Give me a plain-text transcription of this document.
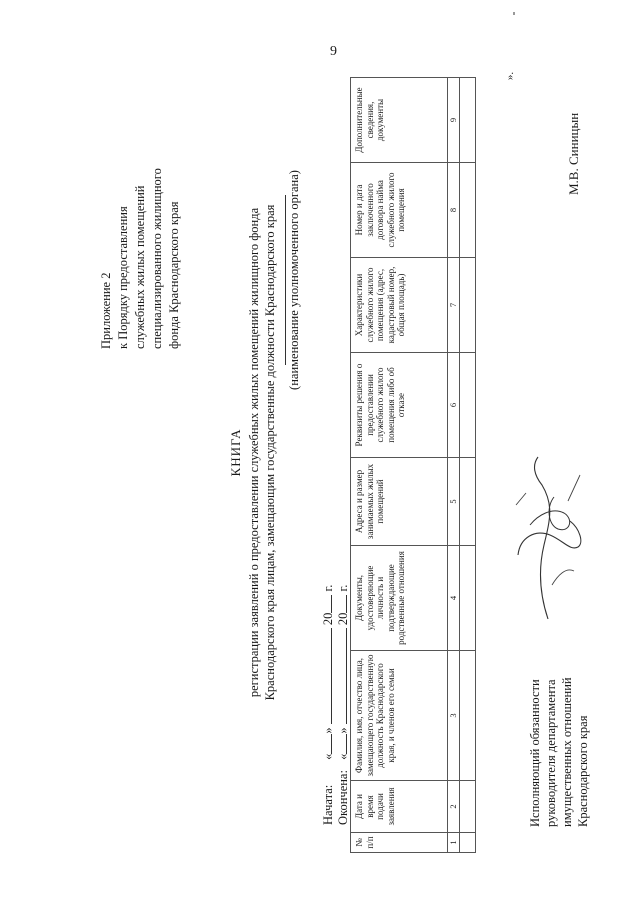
9
».
Приложение 2 к Порядку предоставления служебных жилых помещений специализированного жилищного фонда Краснодарского края
КНИГА регистрации заявлений о предоставлении служебных жилых помещений жилищного фонда Краснодарского края лицам, замещающим государственные должности Краснодарского края (наименование уполномоченного органа)
Начата: «»  20 г.
Окончена: «»  20 г.
№ п/п	Дата и время подачи заявления	Фамилия, имя, отчество лица, замещающего государственную должность Краснодарского края, и членов его семьи	Документы, удостоверяющие личность и подтверждающие родственные отношения	Адреса и размер занимаемых жилых помещений	Реквизиты решения о предоставлении служебного жилого помещения либо об отказе	Характеристики служебного жилого помещения (адрес, кадастровый номер, общая площадь)	Номер и дата заключенного договора найма служебного жилого помещения	Дополнительные сведения, документы
1	2	3	4	5	6	7	8	9

Исполняющий обязанности руководителя департамента имущественных отношений Краснодарского края
М.В. Синицын
